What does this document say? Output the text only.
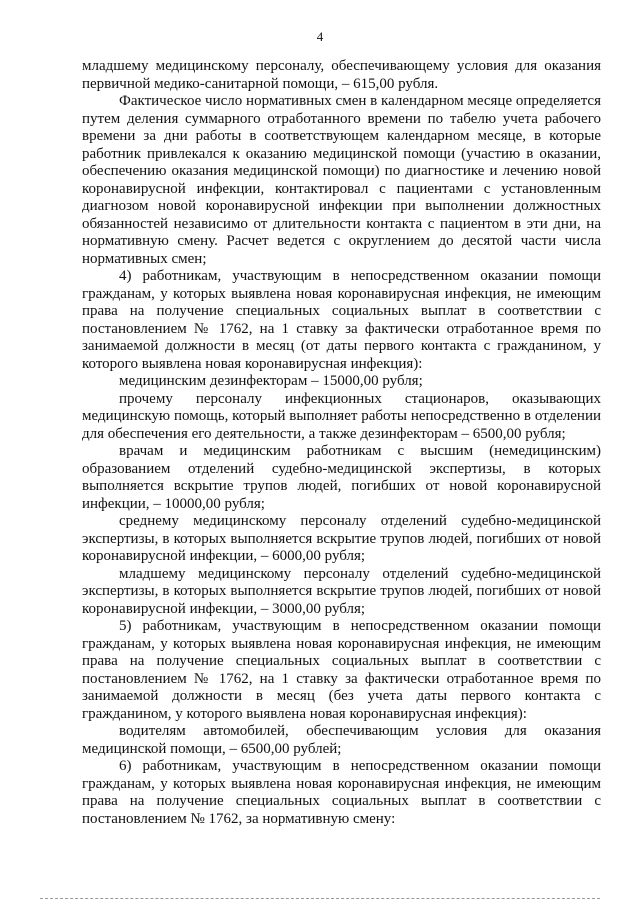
4

младшему медицинскому персоналу, обеспечивающему условия для оказания первичной медико-санитарной помощи, – 615,00 рубля.

Фактическое число нормативных смен в календарном месяце определяется путем деления суммарного отработанного времени по табелю учета рабочего времени за дни работы в соответствующем календарном месяце, в которые работник привлекался к оказанию медицинской помощи (участию в оказании, обеспечению оказания медицинской помощи) по диагностике и лечению новой коронавирусной инфекции, контактировал с пациентами с установленным диагнозом новой коронавирусной инфекции при выполнении должностных обязанностей независимо от длительности контакта с пациентом в эти дни, на нормативную смену. Расчет ведется с округлением до десятой части числа нормативных смен;

4) работникам, участвующим в непосредственном оказании помощи гражданам, у которых выявлена новая коронавирусная инфекция, не имеющим права на получение специальных социальных выплат в соответствии с постановлением № 1762, на 1 ставку за фактически отработанное время по занимаемой должности в месяц (от даты первого контакта с гражданином, у которого выявлена новая коронавирусная инфекция):

медицинским дезинфекторам – 15000,00 рубля;

прочему персоналу инфекционных стационаров, оказывающих медицинскую помощь, который выполняет работы непосредственно в отделении для обеспечения его деятельности, а также дезинфекторам – 6500,00 рубля;

врачам и медицинским работникам с высшим (немедицинским) образованием отделений судебно-медицинской экспертизы, в которых выполняется вскрытие трупов людей, погибших от новой коронавирусной инфекции, – 10000,00 рубля;

среднему медицинскому персоналу отделений судебно-медицинской экспертизы, в которых выполняется вскрытие трупов людей, погибших от новой коронавирусной инфекции, – 6000,00 рубля;

младшему медицинскому персоналу отделений судебно-медицинской экспертизы, в которых выполняется вскрытие трупов людей, погибших от новой коронавирусной инфекции, – 3000,00 рубля;

5) работникам, участвующим в непосредственном оказании помощи гражданам, у которых выявлена новая коронавирусная инфекция, не имеющим права на получение специальных социальных выплат в соответствии с постановлением № 1762, на 1 ставку за фактически отработанное время по занимаемой должности в месяц (без учета даты первого контакта с гражданином, у которого выявлена новая коронавирусная инфекция):

водителям автомобилей, обеспечивающим условия для оказания медицинской помощи, – 6500,00 рублей;

6) работникам, участвующим в непосредственном оказании помощи гражданам, у которых выявлена новая коронавирусная инфекция, не имеющим права на получение специальных социальных выплат в соответствии с постановлением № 1762, за нормативную смену:
